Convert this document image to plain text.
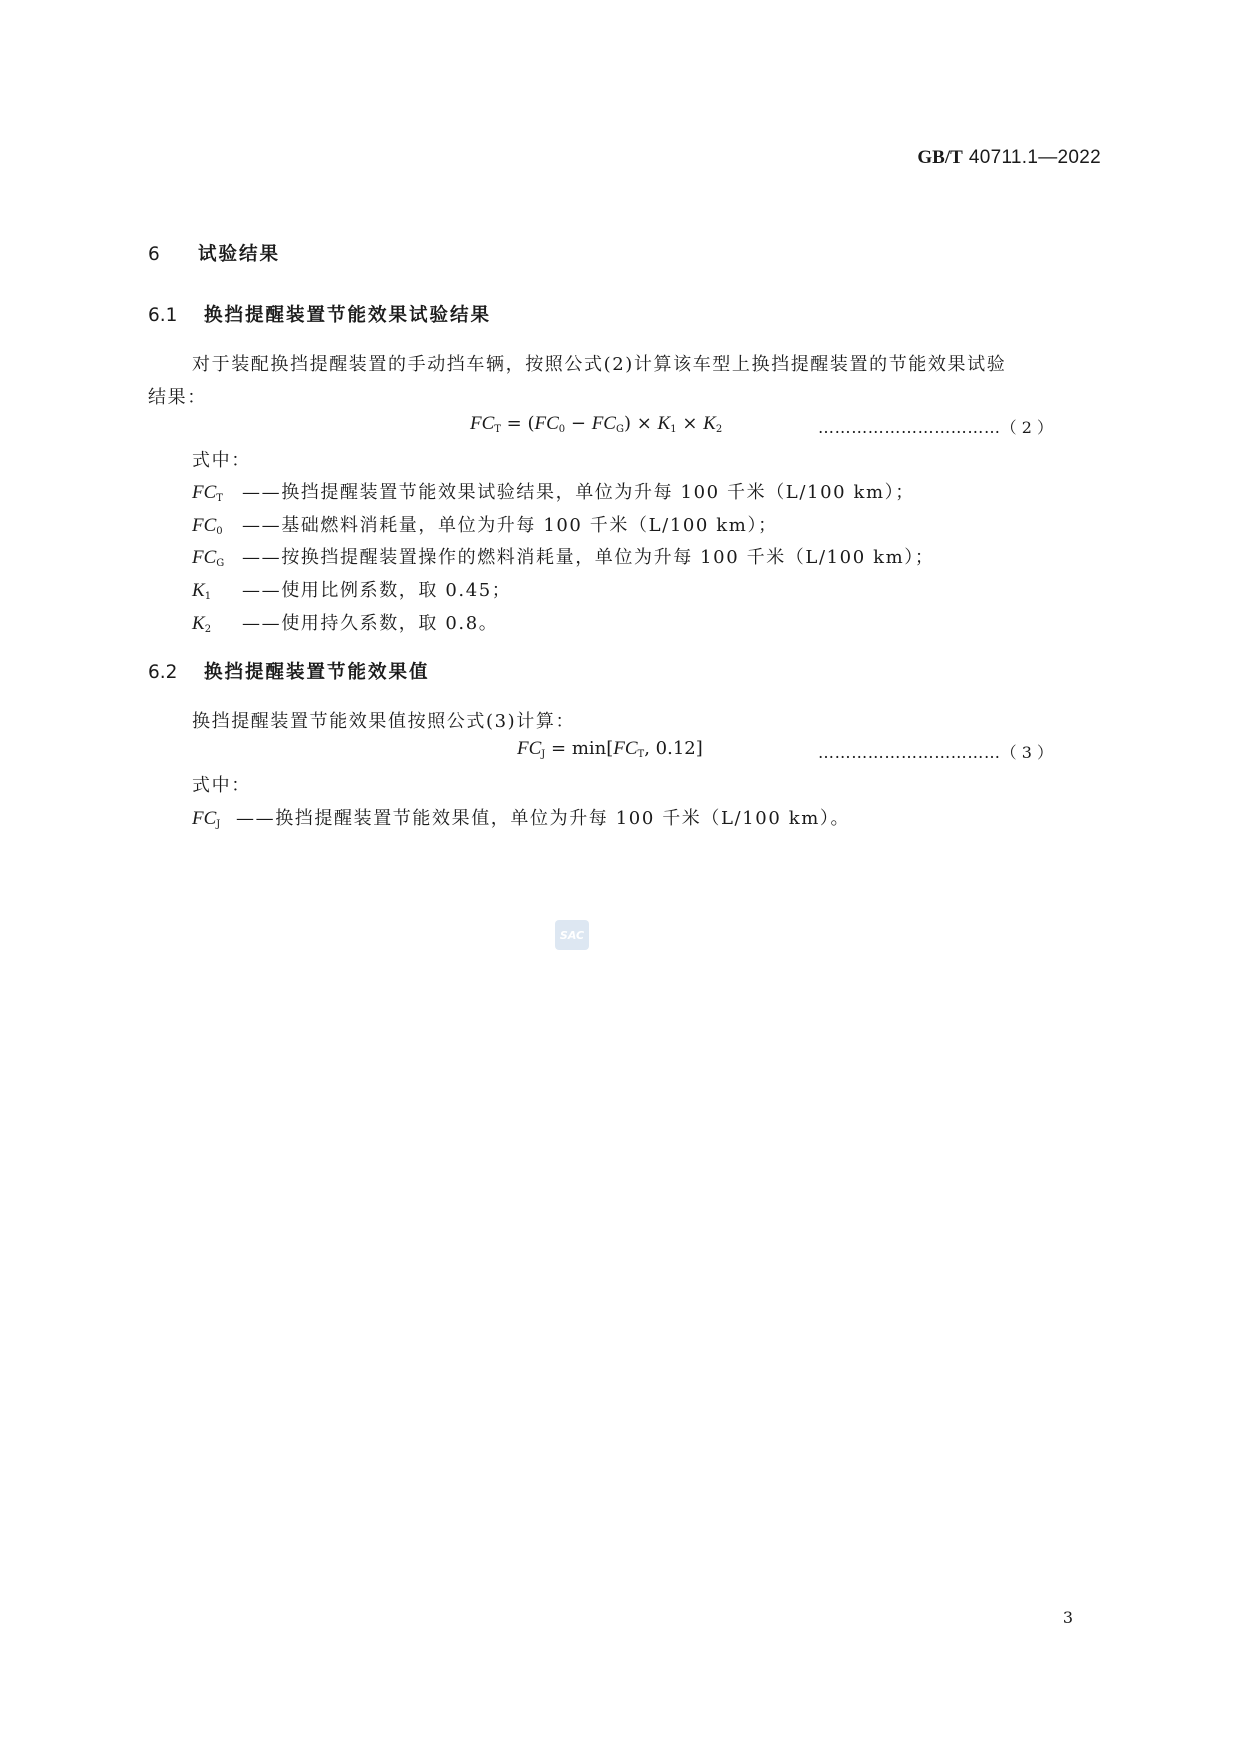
GB/T 40711.1—2022
6 试验结果
6.1 换挡提醒装置节能效果试验结果
对于装配换挡提醒装置的手动挡车辆，按照公式(2)计算该车型上换挡提醒装置的节能效果试验
结果：
$FC_T = (FC_0 - FC_G) \times K_1 \times K_2$	……………………………（ 2 ）
式中：
$FC_T$ ——换挡提醒装置节能效果试验结果，单位为升每 100 千米（L/100 km）；
$FC_0$ ——基础燃料消耗量，单位为升每 100 千米（L/100 km）；
$FC_G$ ——按换挡提醒装置操作的燃料消耗量，单位为升每 100 千米（L/100 km）；
$K_1$ ——使用比例系数，取 0.45；
$K_2$ ——使用持久系数，取 0.8。
6.2 换挡提醒装置节能效果值
换挡提醒装置节能效果值按照公式(3)计算：
$FC_J = \min[FC_T$, 0.12]	……………………………（ 3 ）
式中：
$FC_J$ ——换挡提醒装置节能效果值，单位为升每 100 千米（L/100 km）。
SAC
3
